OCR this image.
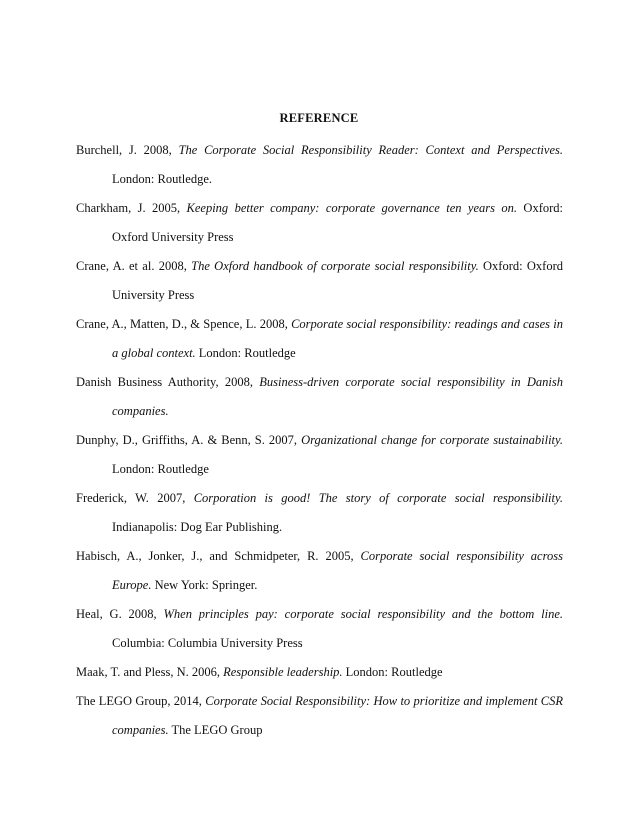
REFERENCE
Burchell, J. 2008, The Corporate Social Responsibility Reader: Context and Perspectives. London: Routledge.
Charkham, J. 2005, Keeping better company: corporate governance ten years on. Oxford: Oxford University Press
Crane, A. et al. 2008, The Oxford handbook of corporate social responsibility. Oxford: Oxford University Press
Crane, A., Matten, D., & Spence, L. 2008, Corporate social responsibility: readings and cases in a global context. London: Routledge
Danish Business Authority, 2008, Business-driven corporate social responsibility in Danish companies.
Dunphy, D., Griffiths, A. & Benn, S. 2007, Organizational change for corporate sustainability. London: Routledge
Frederick, W. 2007, Corporation is good! The story of corporate social responsibility. Indianapolis: Dog Ear Publishing.
Habisch, A., Jonker, J., and Schmidpeter, R. 2005, Corporate social responsibility across Europe. New York: Springer.
Heal, G. 2008, When principles pay: corporate social responsibility and the bottom line. Columbia: Columbia University Press
Maak, T. and Pless, N. 2006, Responsible leadership. London: Routledge
The LEGO Group, 2014, Corporate Social Responsibility: How to prioritize and implement CSR companies. The LEGO Group
